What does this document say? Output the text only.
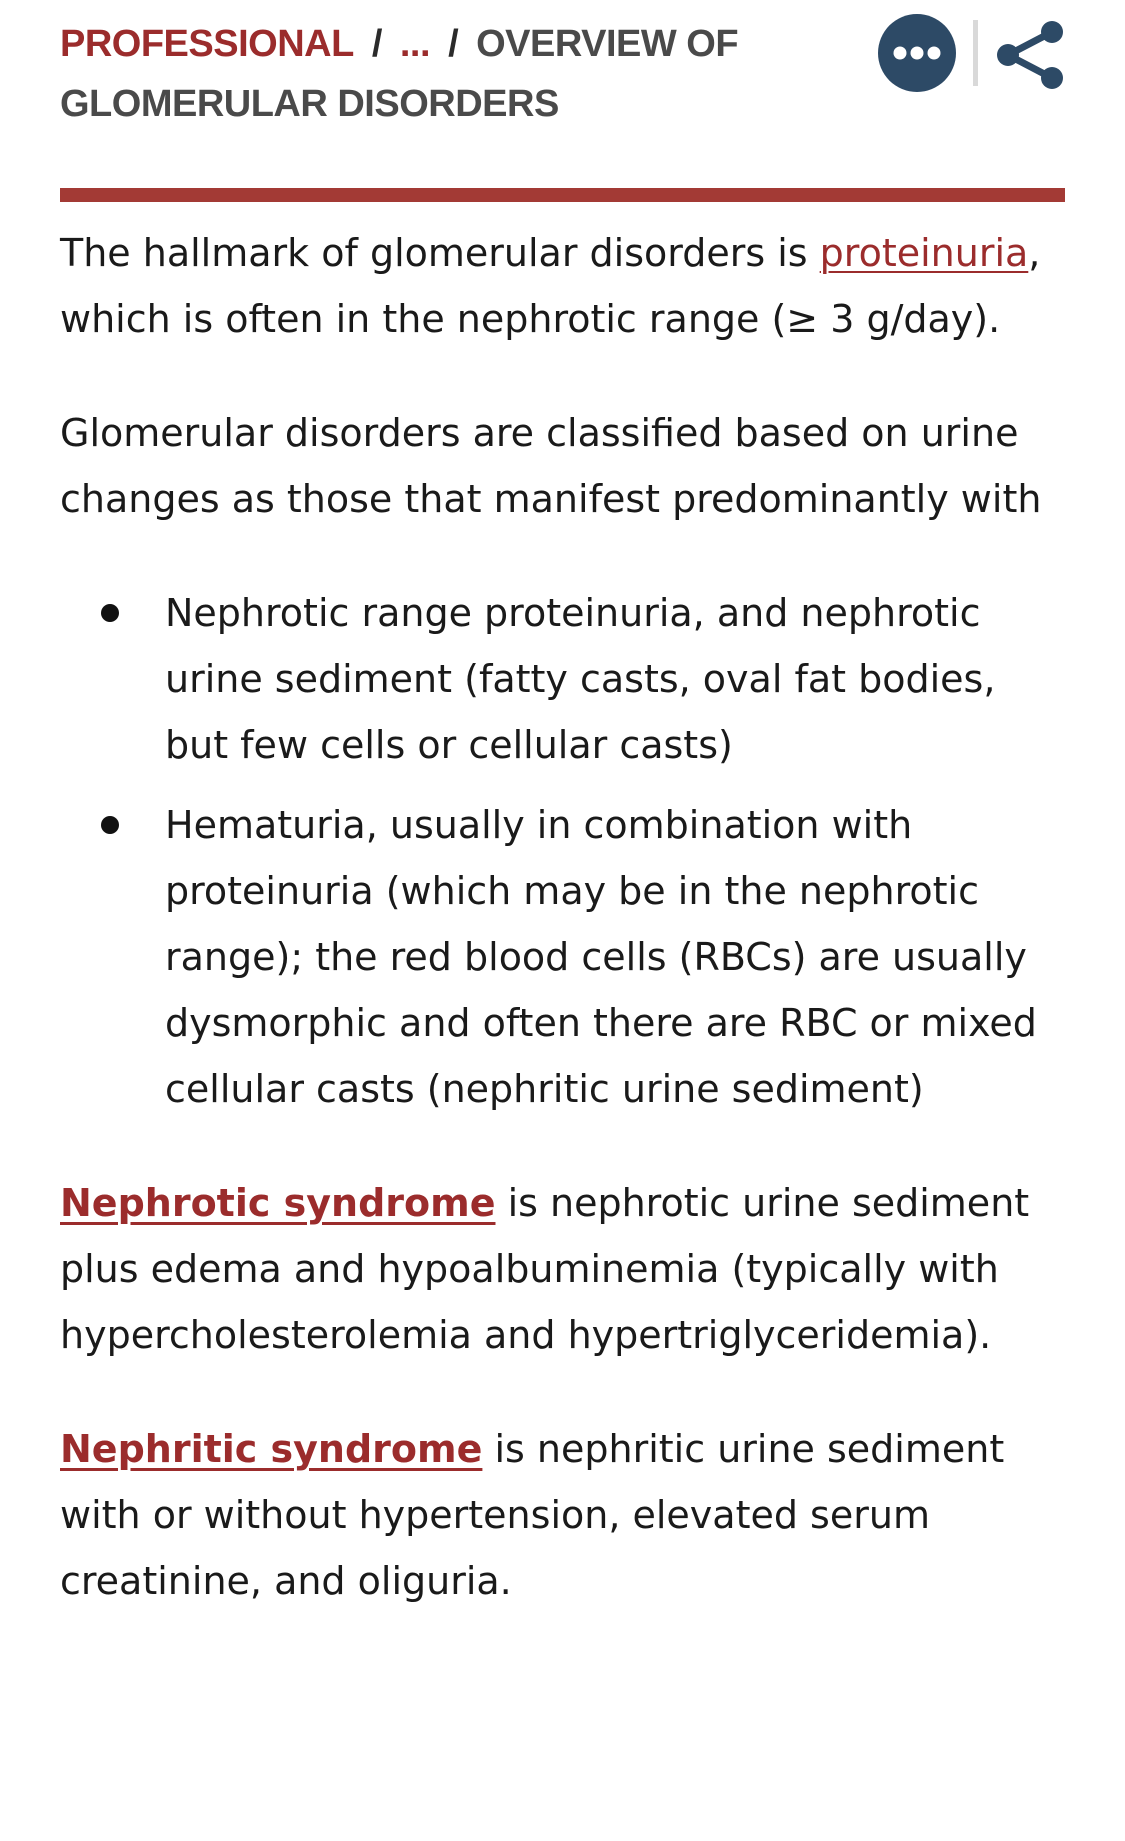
PROFESSIONAL / ... / OVERVIEW OF GLOMERULAR DISORDERS

The hallmark of glomerular disorders is proteinuria, which is often in the nephrotic range (≥ 3 g/day).

Glomerular disorders are classified based on urine changes as those that manifest predominantly with

Nephrotic range proteinuria, and nephrotic urine sediment (fatty casts, oval fat bodies, but few cells or cellular casts)
Hematuria, usually in combination with proteinuria (which may be in the nephrotic range); the red blood cells (RBCs) are usually dysmorphic and often there are RBC or mixed cellular casts (nephritic urine sediment)

Nephrotic syndrome is nephrotic urine sediment plus edema and hypoalbuminemia (typically with hypercholesterolemia and hypertriglyceridemia).

Nephritic syndrome is nephritic urine sediment with or without hypertension, elevated serum creatinine, and oliguria.
